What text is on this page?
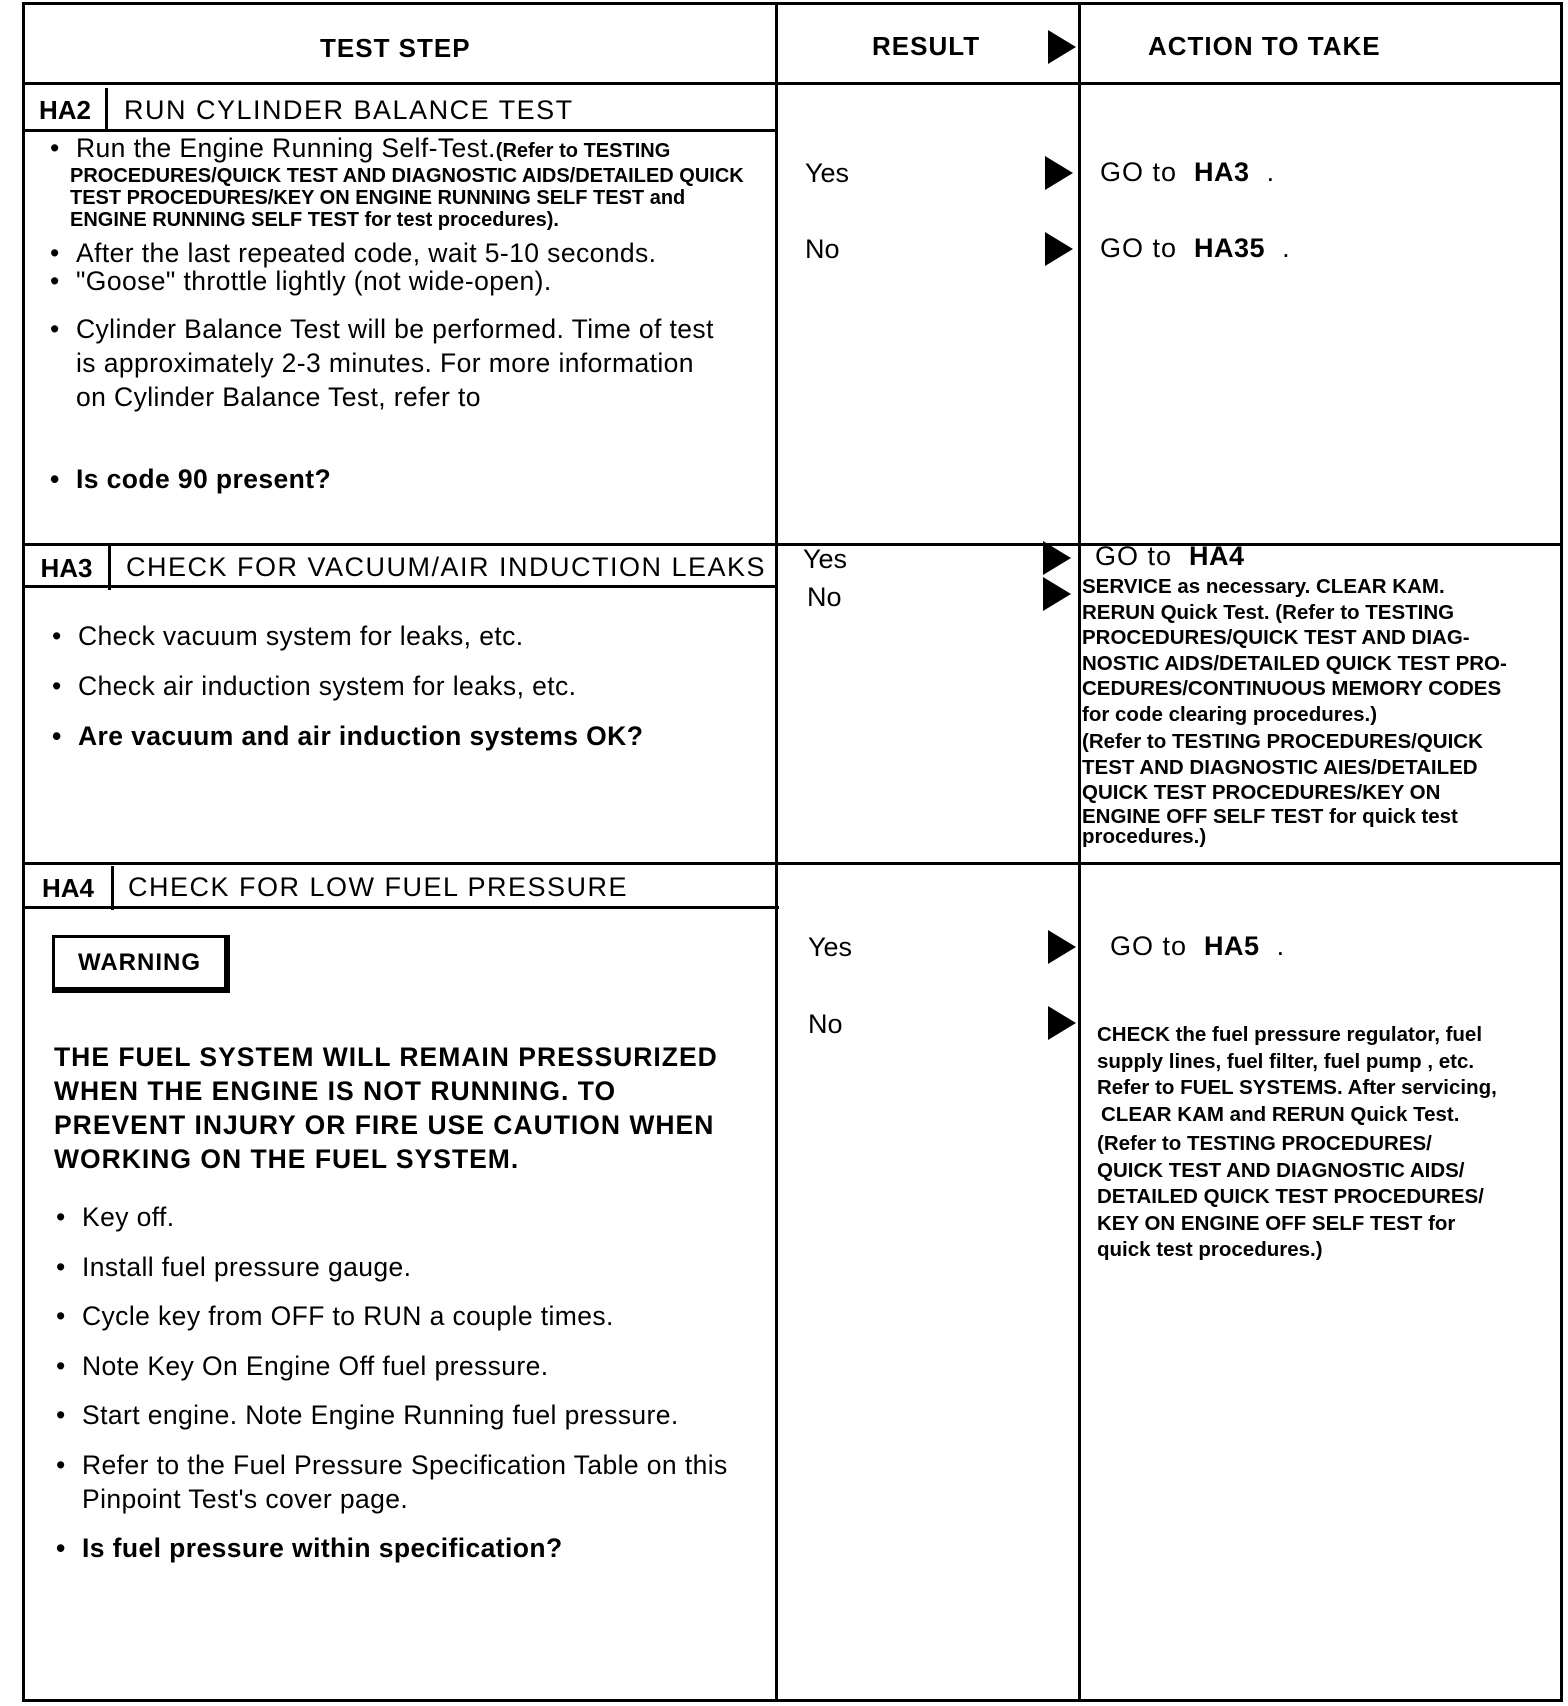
TEST STEP	RESULT	ACTION TO TAKE
HA2	RUN CYLINDER BALANCE TEST
• Run the Engine Running Self-Test.(Refer to TESTING
PROCEDURES/QUICK TEST AND DIAGNOSTIC AIDS/DETAILED QUICK TEST PROCEDURES/KEY ON ENGINE RUNNING SELF TEST and ENGINE RUNNING SELF TEST for test procedures).
• After the last repeated code, wait 5-10 seconds.
• "Goose" throttle lightly (not wide-open).
• Cylinder Balance Test will be performed. Time of test is approximately 2-3 minutes. For more information on Cylinder Balance Test, refer to
• Is code 90 present?
Yes	GO to HA3 .
No	GO to HA35 .
HA3	CHECK FOR VACUUM/AIR INDUCTION LEAKS
• Check vacuum system for leaks, etc.
• Check air induction system for leaks, etc.
• Are vacuum and air induction systems OK?
Yes	GO to HA4
No	SERVICE as necessary. CLEAR KAM.
RERUN Quick Test. (Refer to TESTING
PROCEDURES/QUICK TEST AND DIAG-
NOSTIC AIDS/DETAILED QUICK TEST PRO-
CEDURES/CONTINUOUS MEMORY CODES
for code clearing procedures.)
(Refer to TESTING PROCEDURES/QUICK
TEST AND DIAGNOSTIC AIES/DETAILED
QUICK TEST PROCEDURES/KEY ON
ENGINE OFF SELF TEST for quick test
procedures.)
HA4	CHECK FOR LOW FUEL PRESSURE
WARNING
THE FUEL SYSTEM WILL REMAIN PRESSURIZED WHEN THE ENGINE IS NOT RUNNING. TO PREVENT INJURY OR FIRE USE CAUTION WHEN WORKING ON THE FUEL SYSTEM.
• Key off.
• Install fuel pressure gauge.
• Cycle key from OFF to RUN a couple times.
• Note Key On Engine Off fuel pressure.
• Start engine. Note Engine Running fuel pressure.
• Refer to the Fuel Pressure Specification Table on this Pinpoint Test's cover page.
• Is fuel pressure within specification?
Yes	GO to HA5 .
No	CHECK the fuel pressure regulator, fuel
supply lines, fuel filter, fuel pump , etc.
Refer to FUEL SYSTEMS. After servicing,
CLEAR KAM and RERUN Quick Test.
(Refer to TESTING PROCEDURES/
QUICK TEST AND DIAGNOSTIC AIDS/
DETAILED QUICK TEST PROCEDURES/
KEY ON ENGINE OFF SELF TEST for
quick test procedures.)
